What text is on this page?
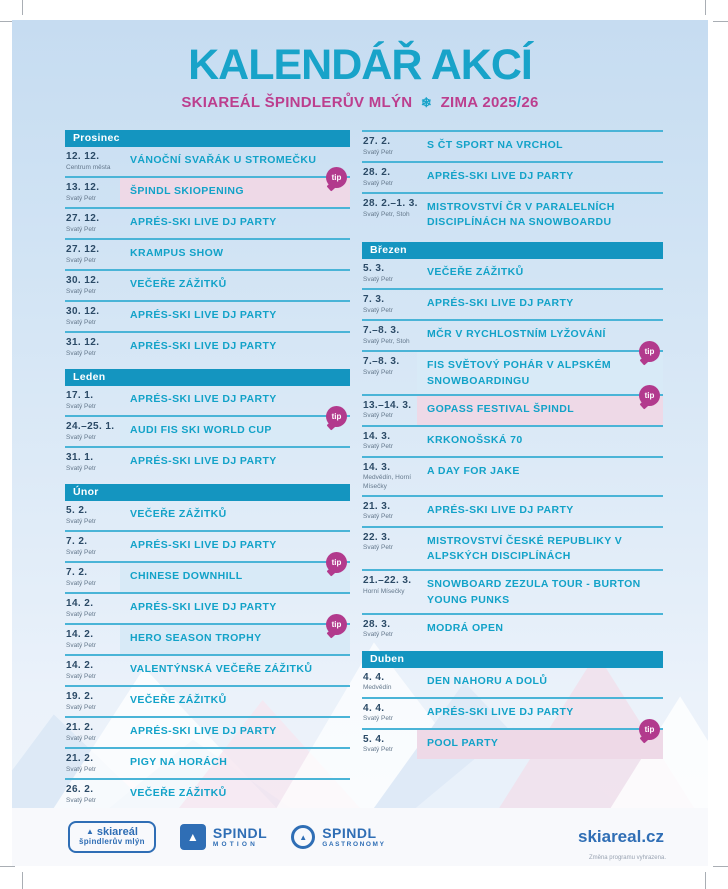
KALENDÁŘ AKCÍ
SKIAREÁL ŠPINDLERŮV MLÝN ❄ ZIMA 2025/26
Prosinec
12. 12.
Centrum města
VÁNOČNÍ SVAŘÁK U STROMEČKU
13. 12.
Svatý Petr
ŠPINDL SKIOPENING
tip
27. 12.
Svatý Petr
APRÉS-SKI LIVE DJ PARTY
27. 12.
Svatý Petr
KRAMPUS SHOW
30. 12.
Svatý Petr
VEČEŘE ZÁŽITKŮ
30. 12.
Svatý Petr
APRÉS-SKI LIVE DJ PARTY
31. 12.
Svatý Petr
APRÉS-SKI LIVE DJ PARTY
Leden
17. 1.
Svatý Petr
APRÉS-SKI LIVE DJ PARTY
24.–25. 1.
Svatý Petr
AUDI FIS SKI WORLD CUP
tip
31. 1.
Svatý Petr
APRÉS-SKI LIVE DJ PARTY
Únor
5. 2.
Svatý Petr
VEČEŘE ZÁŽITKŮ
7. 2.
Svatý Petr
APRÉS-SKI LIVE DJ PARTY
7. 2.
Svatý Petr
CHINESE DOWNHILL
tip
14. 2.
Svatý Petr
APRÉS-SKI LIVE DJ PARTY
14. 2.
Svatý Petr
HERO SEASON TROPHY
tip
14. 2.
Svatý Petr
VALENTÝNSKÁ VEČEŘE ZÁŽITKŮ
19. 2.
Svatý Petr
VEČEŘE ZÁŽITKŮ
21. 2.
Svatý Petr
APRÉS-SKI LIVE DJ PARTY
21. 2.
Svatý Petr
PIGY NA HORÁCH
26. 2.
Svatý Petr
VEČEŘE ZÁŽITKŮ
27. 2.
Svatý Petr
S ČT SPORT NA VRCHOL
28. 2.
Svatý Petr
APRÉS-SKI LIVE DJ PARTY
28. 2.–1. 3.
Svatý Petr, Stoh
MISTROVSTVÍ ČR V PARALELNÍCH DISCIPLÍNÁCH NA SNOWBOARDU
Březen
5. 3.
Svatý Petr
VEČEŘE ZÁŽITKŮ
7. 3.
Svatý Petr
APRÉS-SKI LIVE DJ PARTY
7.–8. 3.
Svatý Petr, Stoh
MČR V RYCHLOSTNÍM LYŽOVÁNÍ
7.–8. 3.
Svatý Petr
FIS SVĚTOVÝ POHÁR V ALPSKÉM SNOWBOARDINGU
tip
13.–14. 3.
Svatý Petr
GOPASS FESTIVAL ŠPINDL
tip
14. 3.
Svatý Petr
KRKONOŠSKÁ 70
14. 3.
Medvědín, Horní Mísečky
A DAY FOR JAKE
21. 3.
Svatý Petr
APRÉS-SKI LIVE DJ PARTY
22. 3.
Svatý Petr
MISTROVSTVÍ ČESKÉ REPUBLIKY V ALPSKÝCH DISCIPLÍNÁCH
21.–22. 3.
Horní Mísečky
SNOWBOARD ZEZULA TOUR - BURTON YOUNG PUNKS
28. 3.
Svatý Petr
MODRÁ OPEN
Duben
4. 4.
Medvědín
DEN NAHORU A DOLŮ
4. 4.
Svatý Petr
APRÉS-SKI LIVE DJ PARTY
5. 4.
Svatý Petr
POOL PARTY
tip
▲ skiareál
špindlerův mlýn	▲	SPINDL
MOTION
▲	SPINDL
GASTRONOMY	skiareal.cz
Změna programu vyhrazena.
